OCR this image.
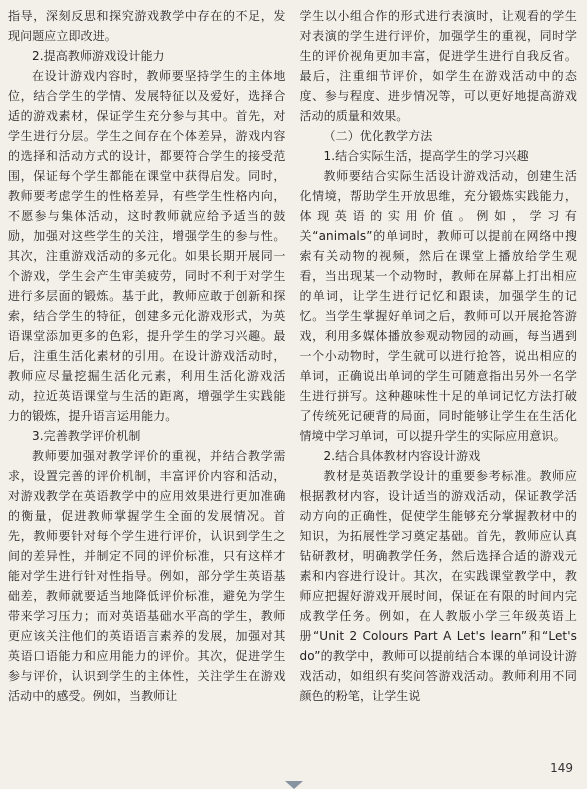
指导，深刻反思和探究游戏教学中存在的不足，发现问题应立即改进。

2.提高教师游戏设计能力

在设计游戏内容时，教师要坚持学生的主体地位，结合学生的学情、发展特征以及爱好，选择合适的游戏素材，保证学生充分参与其中。首先，对学生进行分层。学生之间存在个体差异，游戏内容的选择和活动方式的设计，都要符合学生的接受范围，保证每个学生都能在课堂中获得启发。同时，教师要考虑学生的性格差异，有些学生性格内向，不愿参与集体活动，这时教师就应给予适当的鼓励，加强对这些学生的关注，增强学生的参与性。其次，注重游戏活动的多元化。如果长期开展同一个游戏，学生会产生审美疲劳，同时不利于对学生进行多层面的锻炼。基于此，教师应敢于创新和探索，结合学生的特征，创建多元化游戏形式，为英语课堂添加更多的色彩，提升学生的学习兴趣。最后，注重生活化素材的引用。在设计游戏活动时，教师应尽量挖掘生活化元素，利用生活化游戏活动，拉近英语课堂与生活的距离，增强学生实践能力的锻炼，提升语言运用能力。

3.完善教学评价机制

教师要加强对教学评价的重视，并结合教学需求，设置完善的评价机制，丰富评价内容和活动，对游戏教学在英语教学中的应用效果进行更加准确的衡量，促进教师掌握学生全面的发展情况。首先，教师要针对每个学生进行评价，认识到学生之间的差异性，并制定不同的评价标准，只有这样才能对学生进行针对性指导。例如，部分学生英语基础差，教师就要适当地降低评价标准，避免为学生带来学习压力；而对英语基础水平高的学生，教师更应该关注他们的英语语言素养的发展，加强对其英语口语能力和应用能力的评价。其次，促进学生参与评价，认识到学生的主体性，关注学生在游戏活动中的感受。例如，当教师让

学生以小组合作的形式进行表演时，让观看的学生对表演的学生进行评价，加强学生的重视，同时学生的评价视角更加丰富，促进学生进行自我反省。最后，注重细节评价，如学生在游戏活动中的态度、参与程度、进步情况等，可以更好地提高游戏活动的质量和效果。

（二）优化教学方法

1.结合实际生活，提高学生的学习兴趣

教师要结合实际生活设计游戏活动，创建生活化情境，帮助学生开放思维，充分锻炼实践能力，体现英语的实用价值。例如，学习有关“animals”的单词时，教师可以提前在网络中搜索有关动物的视频，然后在课堂上播放给学生观看，当出现某一个动物时，教师在屏幕上打出相应的单词，让学生进行记忆和跟读，加强学生的记忆。当学生掌握好单词之后，教师可以开展抢答游戏，利用多媒体播放参观动物园的动画，每当遇到一个小动物时，学生就可以进行抢答，说出相应的单词，正确说出单词的学生可随意指出另外一名学生进行拼写。这种趣味性十足的单词记忆方法打破了传统死记硬背的局面，同时能够让学生在生活化情境中学习单词，可以提升学生的实际应用意识。

2.结合具体教材内容设计游戏

教材是英语教学设计的重要参考标准。教师应根据教材内容，设计适当的游戏活动，保证教学活动方向的正确性，促使学生能够充分掌握教材中的知识，为拓展性学习奠定基础。首先，教师应认真钻研教材，明确教学任务，然后选择合适的游戏元素和内容进行设计。其次，在实践课堂教学中，教师应把握好游戏开展时间，保证在有限的时间内完成教学任务。例如，在人教版小学三年级英语上册“Unit 2 Colours Part A Let's learn”和“Let's do”的教学中，教师可以提前结合本课的单词设计游戏活动，如组织有奖问答游戏活动。教师利用不同颜色的粉笔，让学生说

149
